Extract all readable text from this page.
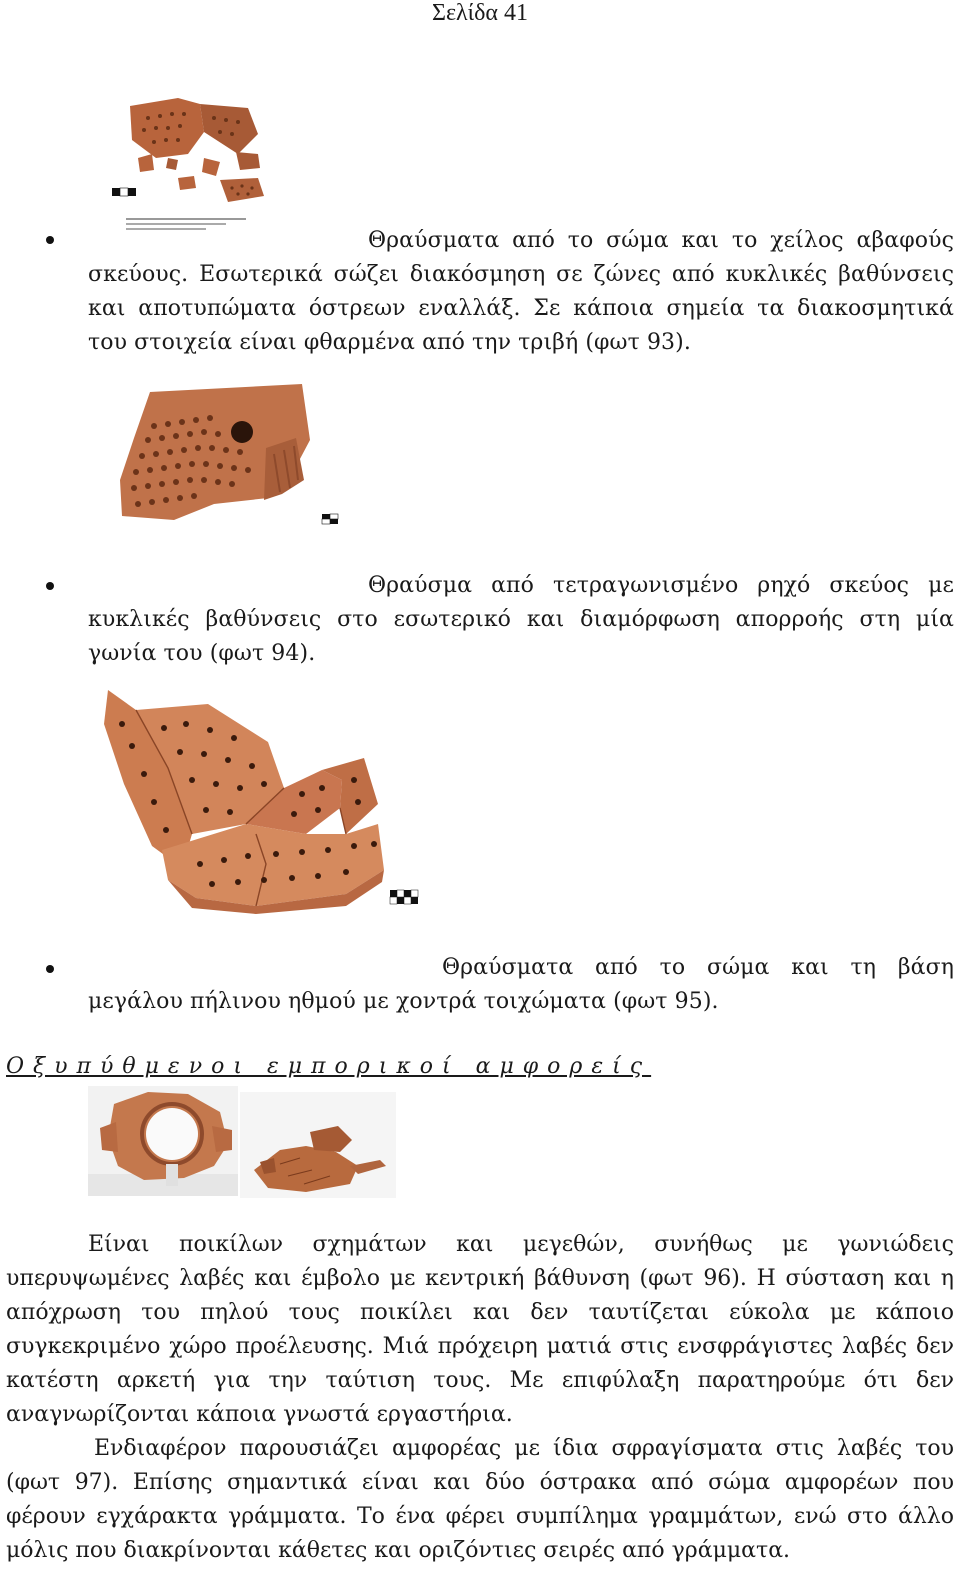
Σελίδα 41

Θραύσματα από το σώμα και το χείλος αβαφούς σκεύους. Εσωτερικά σώζει διακόσμηση σε ζώνες από κυκλικές βαθύνσεις και αποτυπώματα όστρεων εναλλάξ. Σε κάποια σημεία τα διακοσμητικά του στοιχεία είναι φθαρμένα από την τριβή (φωτ 93).

Θραύσμα από τετραγωνισμένο ρηχό σκεύος με κυκλικές βαθύνσεις στο εσωτερικό και διαμόρφωση απορροής στη μία γωνία του (φωτ 94).

Θραύσματα από το σώμα και τη βάση μεγάλου πήλινου ηθμού με χοντρά τοιχώματα (φωτ 95).

Οξυπύθμενοι εμπορικοί αμφορείς

Είναι ποικίλων σχημάτων και μεγεθών, συνήθως με γωνιώδεις υπερυψωμένες λαβές και έμβολο με κεντρική βάθυνση (φωτ 96). Η σύσταση και η απόχρωση του πηλού τους ποικίλει και δεν ταυτίζεται εύκολα με κάποιο συγκεκριμένο χώρο προέλευσης. Μιά πρόχειρη ματιά στις ενσφράγιστες λαβές δεν κατέστη αρκετή για την ταύτιση τους. Με επιφύλαξη παρατηρούμε ότι δεν αναγνωρίζονται κάποια γνωστά εργαστήρια.

Ενδιαφέρον παρουσιάζει αμφορέας με ίδια σφραγίσματα στις λαβές του (φωτ 97). Επίσης σημαντικά είναι και δύο όστρακα από σώμα αμφορέων που φέρουν εγχάρακτα γράμματα. Το ένα φέρει συμπίλημα γραμμάτων, ενώ στο άλλο μόλις που διακρίνονται κάθετες και οριζόντιες σειρές από γράμματα.
